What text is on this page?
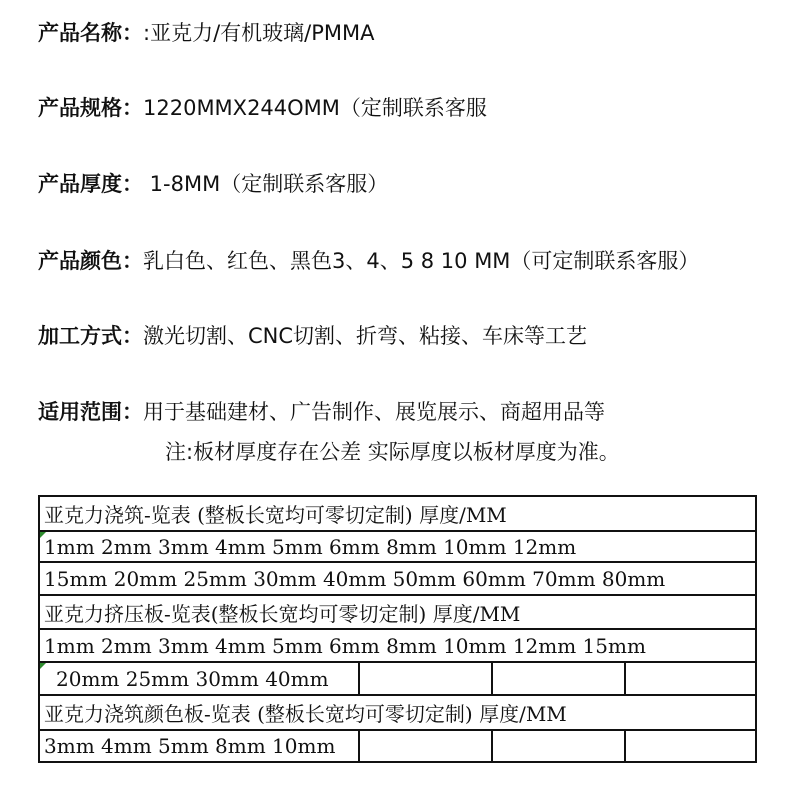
产品名称：:亚克力/有机玻璃/PMMA

产品规格：1220MMX244OMM（定制联系客服

产品厚度： 1-8MM（定制联系客服）

产品颜色：乳白色、红色、黑色3、4、5 8 10 MM（可定制联系客服）

加工方式：激光切割、CNC切割、折弯、粘接、车床等工艺

适用范围：用于基础建材、广告制作、展览展示、商超用品等

注:板材厚度存在公差 实际厚度以板材厚度为准。

亚克力浇筑-览表 (整板长宽均可零切定制) 厚度/MM
1mm 2mm 3mm 4mm 5mm 6mm 8mm 10mm 12mm
15mm 20mm 25mm 30mm 40mm 50mm 60mm 70mm 80mm
亚克力挤压板-览表(整板长宽均可零切定制) 厚度/MM
1mm 2mm 3mm 4mm 5mm 6mm 8mm 10mm 12mm 15mm
20mm 25mm 30mm 40mm
亚克力浇筑颜色板-览表 (整板长宽均可零切定制) 厚度/MM
3mm 4mm 5mm 8mm 10mm
